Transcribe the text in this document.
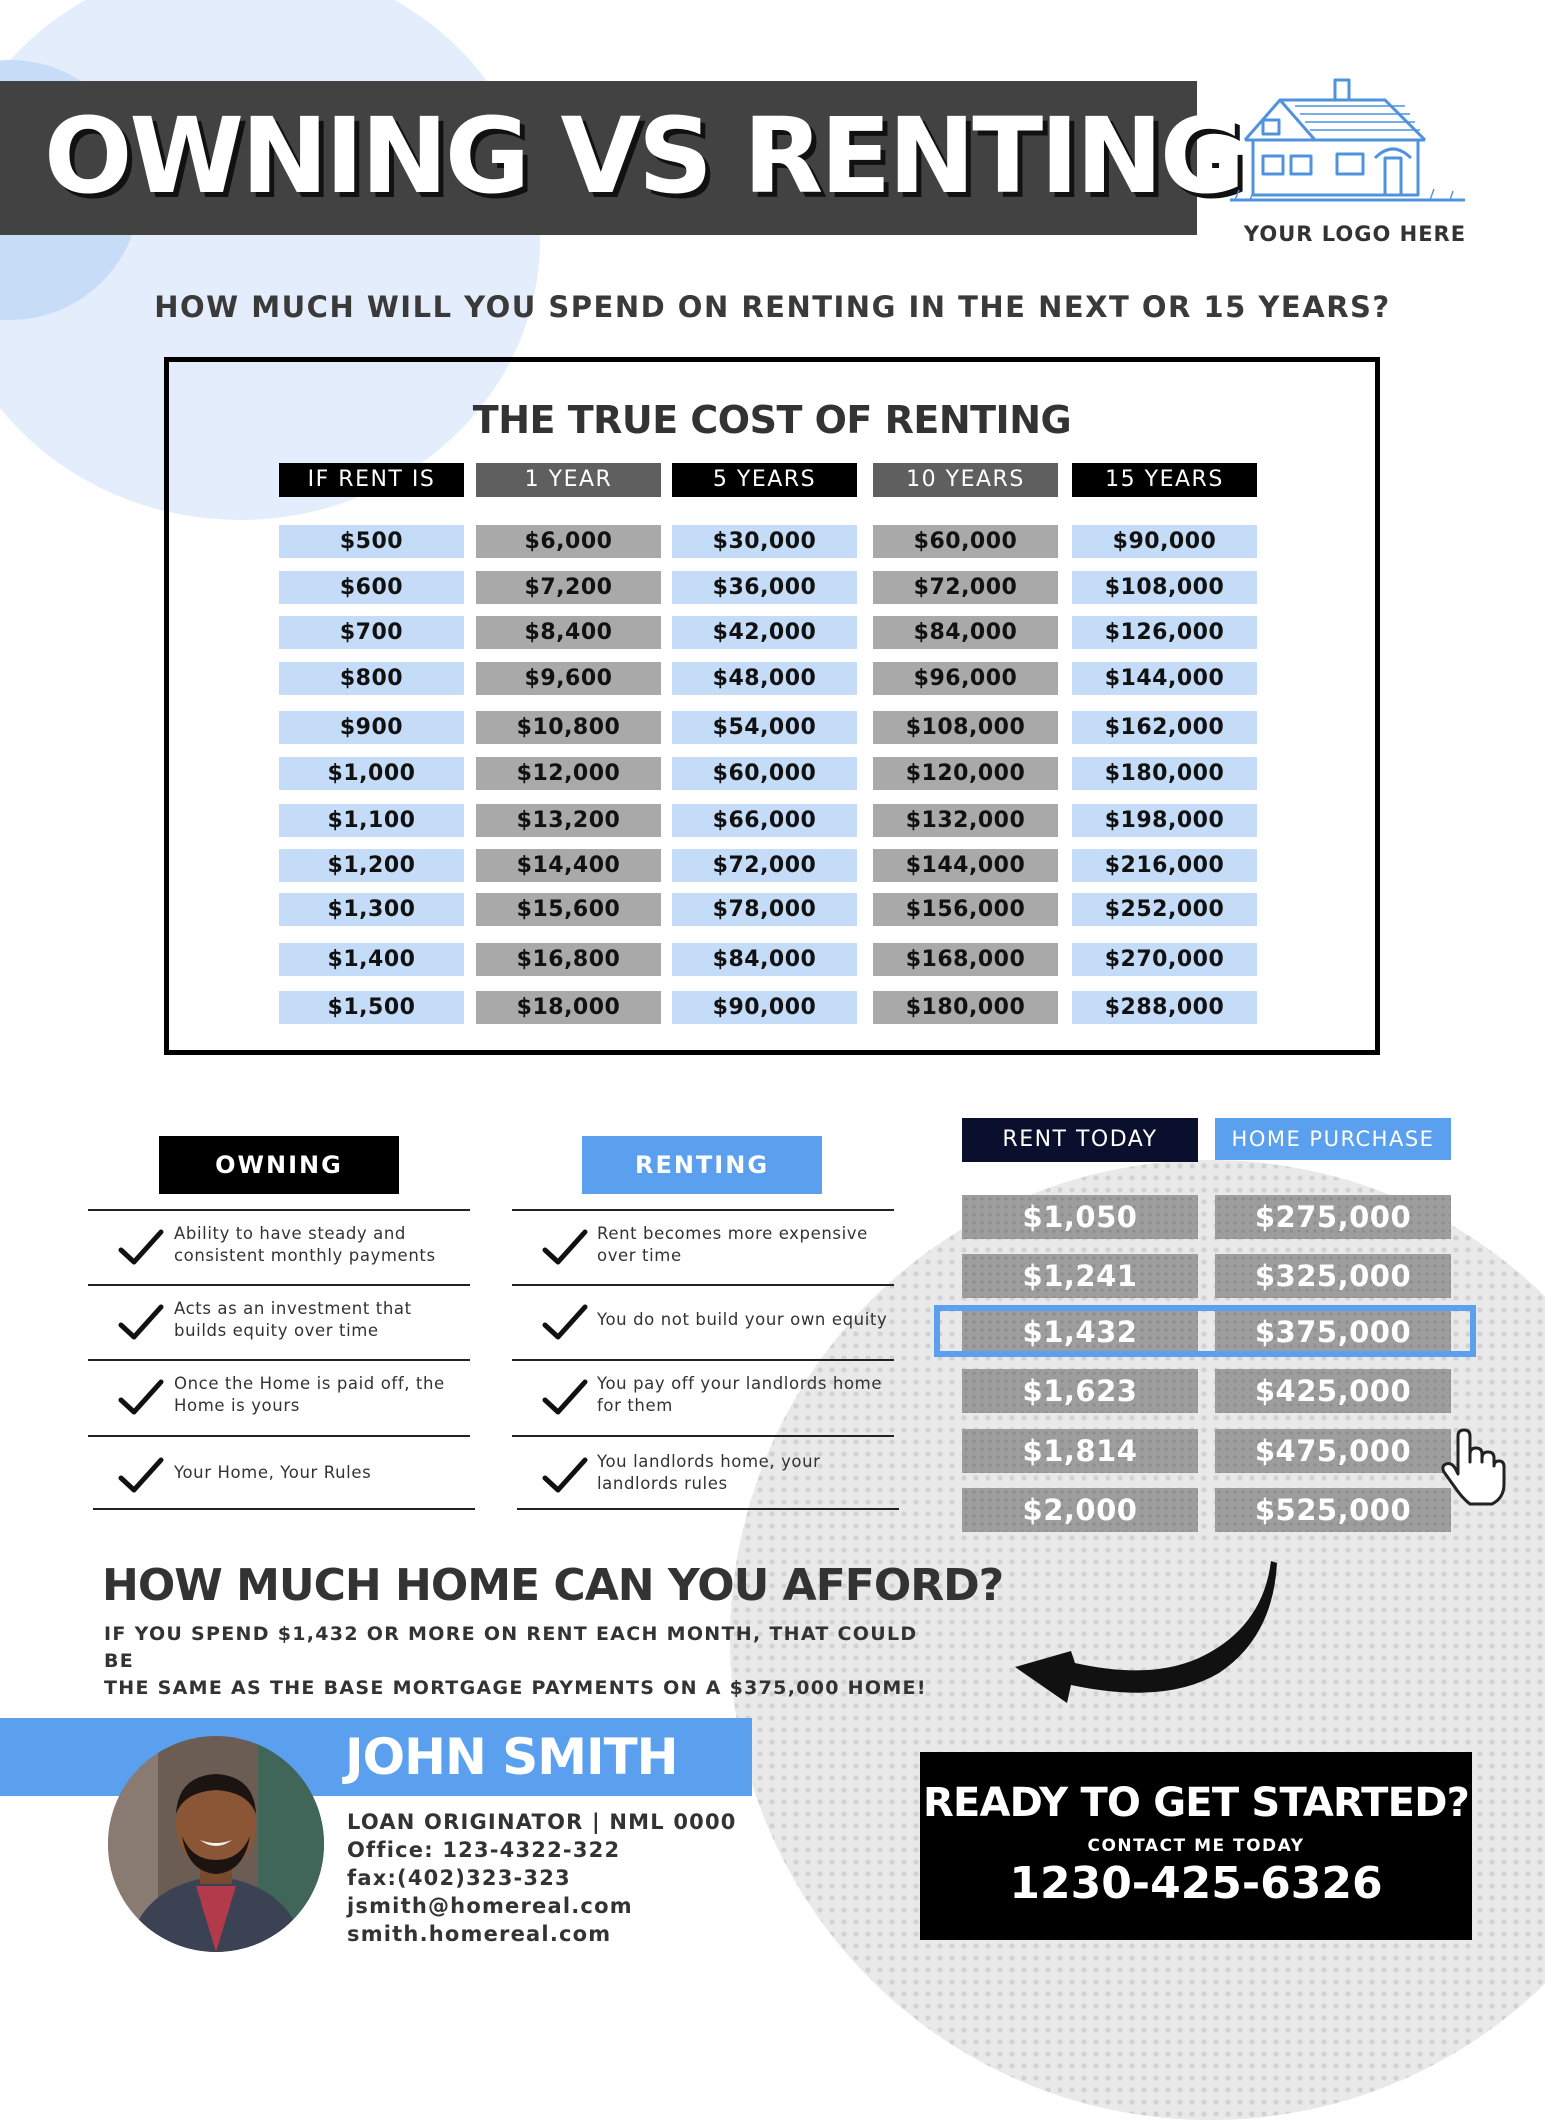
OWNING VS RENTING
YOUR LOGO HERE
HOW MUCH WILL YOU SPEND ON RENTING IN THE NEXT OR 15 YEARS?
THE TRUE COST OF RENTING
IF RENT IS	1 YEAR	5 YEARS	10 YEARS	15 YEARS
$500	$6,000	$30,000	$60,000	$90,000
$600	$7,200	$36,000	$72,000	$108,000
$700	$8,400	$42,000	$84,000	$126,000
$800	$9,600	$48,000	$96,000	$144,000
$900	$10,800	$54,000	$108,000	$162,000
$1,000	$12,000	$60,000	$120,000	$180,000
$1,100	$13,200	$66,000	$132,000	$198,000
$1,200	$14,400	$72,000	$144,000	$216,000
$1,300	$15,600	$78,000	$156,000	$252,000
$1,400	$16,800	$84,000	$168,000	$270,000
$1,500	$18,000	$90,000	$180,000	$288,000
OWNING	RENTING
Ability to have steady and consistent monthly payments
Acts as an investment that builds equity over time
Once the Home is paid off, the Home is yours
Your Home, Your Rules
Rent becomes more expensive over time
You do not build your own equity
You pay off your landlords home for them
You landlords home, your landlords rules
RENT TODAY	HOME PURCHASE
$1,050	$275,000
$1,241	$325,000
$1,432	$375,000
$1,623	$425,000
$1,814	$475,000
$2,000	$525,000
HOW MUCH HOME CAN YOU AFFORD?
IF YOU SPEND $1,432 OR MORE ON RENT EACH MONTH, THAT COULD BE
THE SAME AS THE BASE MORTGAGE PAYMENTS ON A $375,000 HOME!
JOHN SMITH
LOAN ORIGINATOR | NML 0000
Office: 123-4322-322
fax:(402)323-323
jsmith@homereal.com
smith.homereal.com
READY TO GET STARTED?
CONTACT ME TODAY
1230-425-6326
